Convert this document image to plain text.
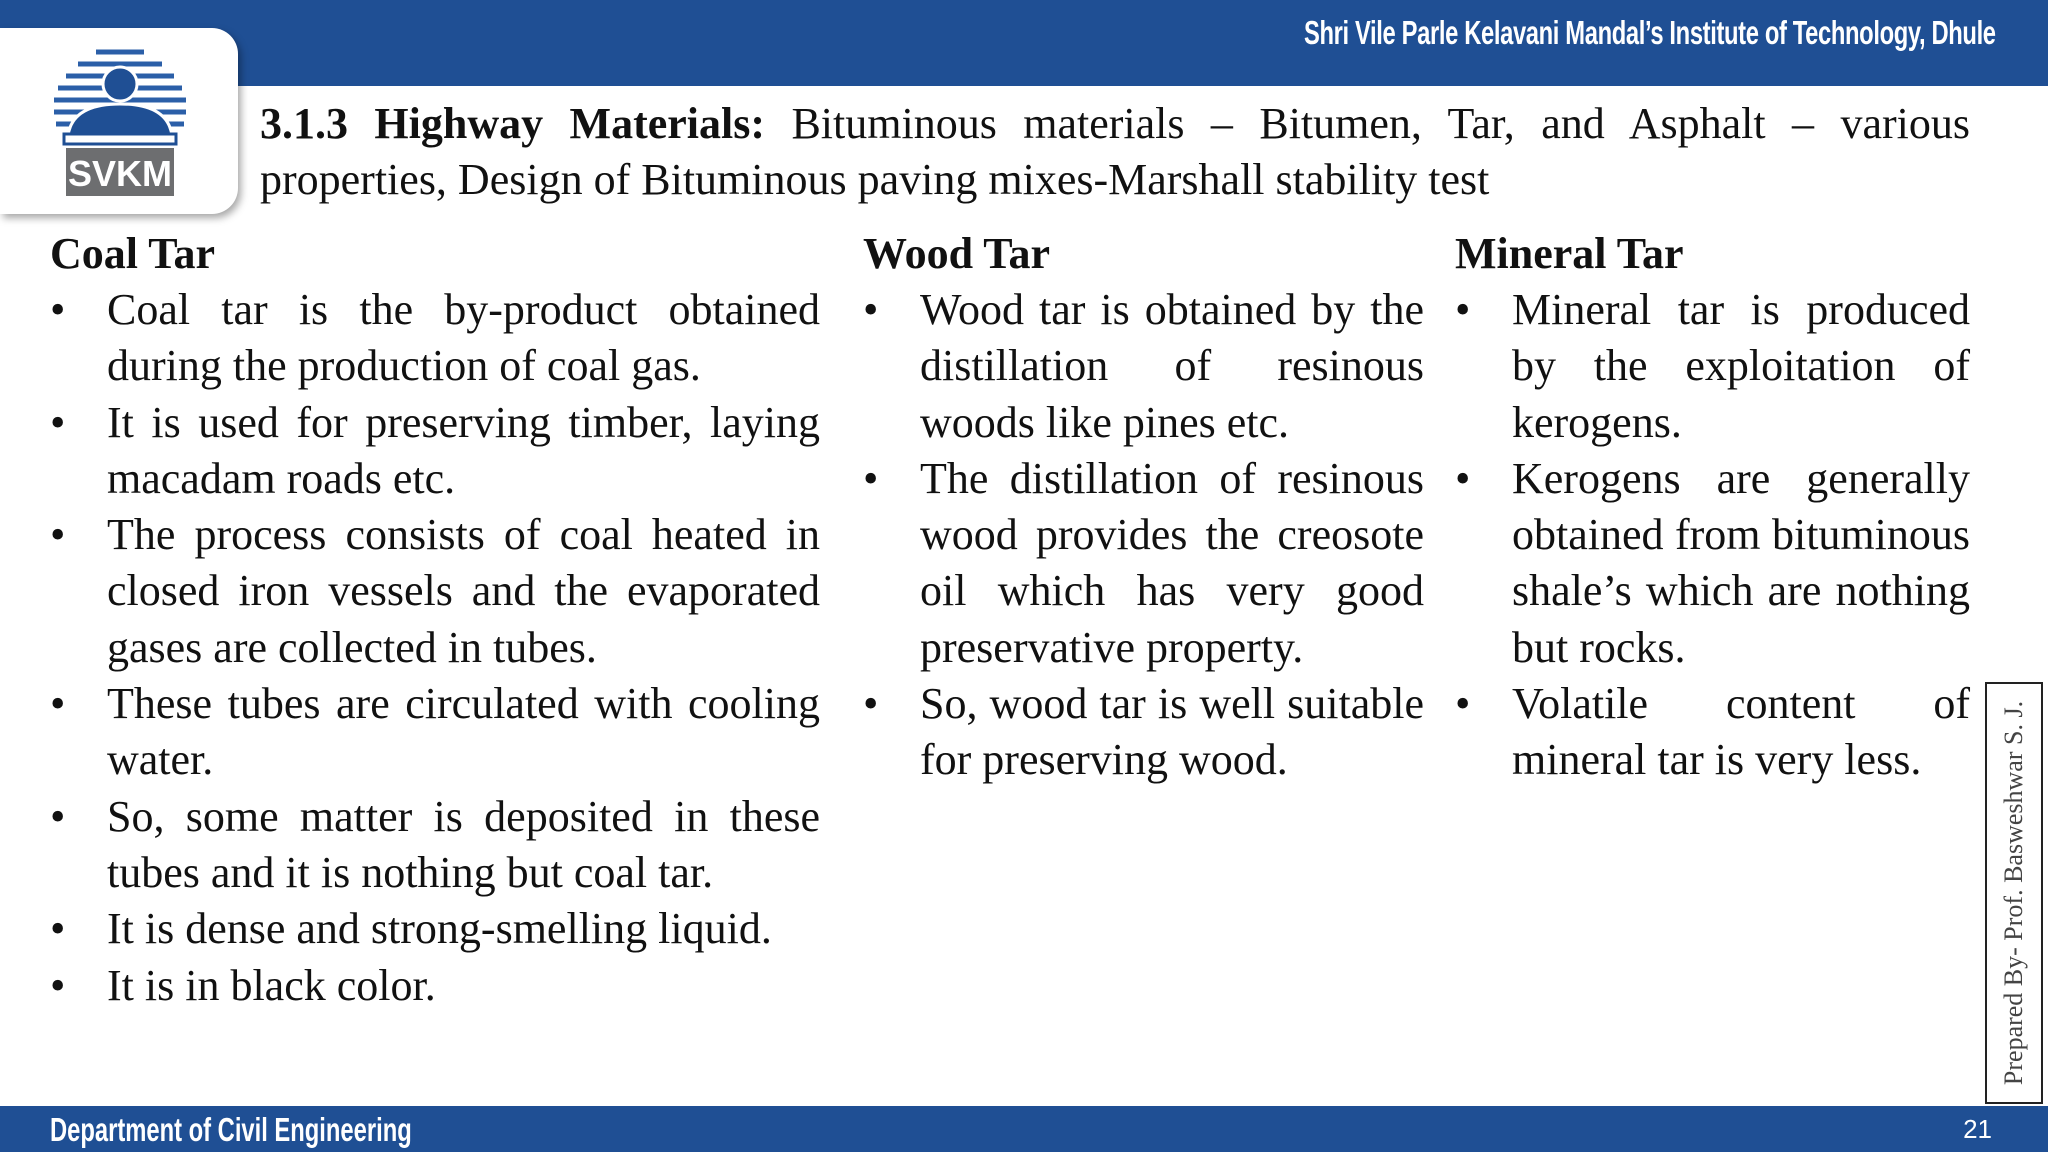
Shri Vile Parle Kelavani Mandal’s Institute of Technology, Dhule
SVKM
3.1.3 Highway Materials: Bituminous materials – Bitumen, Tar, and Asphalt – various properties, Design of Bituminous paving mixes-Marshall stability test

Coal Tar

• Coal tar is the by-product obtained during the production of coal gas.
• It is used for preserving timber, laying macadam roads etc.
• The process consists of coal heated in closed iron vessels and the evaporated gases are collected in tubes.
• These tubes are circulated with cooling water.
• So, some matter is deposited in these tubes and it is nothing but coal tar.
• It is dense and strong-smelling liquid.
• It is in black color.

Wood Tar

• Wood tar is obtained by the distillation of resinous woods like pines etc.
• The distillation of resinous wood provides the creosote oil which has very good preservative property.
• So, wood tar is well suitable for preserving wood.

Mineral Tar

• Mineral tar is produced by the exploitation of kerogens.
• Kerogens are generally obtained from bituminous shale’s which are nothing but rocks.
• Volatile content of mineral tar is very less.	Prepared By- Prof. Basweshwar S. J.
Department of Civil Engineering	21
